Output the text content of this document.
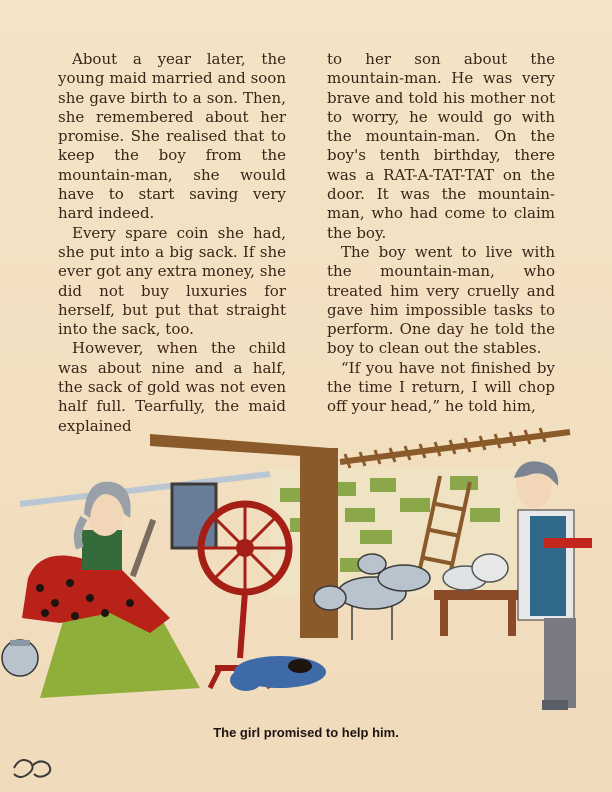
About a year later, the young maid married and soon she gave birth to a son. Then, she remembered about her promise. She realised that to keep the boy from the mountain-man, she would have to start saving very hard indeed.

Every spare coin she had, she put into a big sack. If she ever got any extra money, she did not buy luxuries for herself, but put that straight into the sack, too.

However, when the child was about nine and a half, the sack of gold was not even half full. Tearfully, the maid explained

to her son about the mountain-man. He was very brave and told his mother not to worry, he would go with the mountain-man. On the boy's tenth birthday, there was a RAT-A-TAT-TAT on the door. It was the mountain-man, who had come to claim the boy.

The boy went to live with the mountain-man, who treated him very cruelly and gave him impossible tasks to perform. One day he told the boy to clean out the stables.

“If you have not finished by the time I return, I will chop off your head,” he told him,

The girl promised to help him.
